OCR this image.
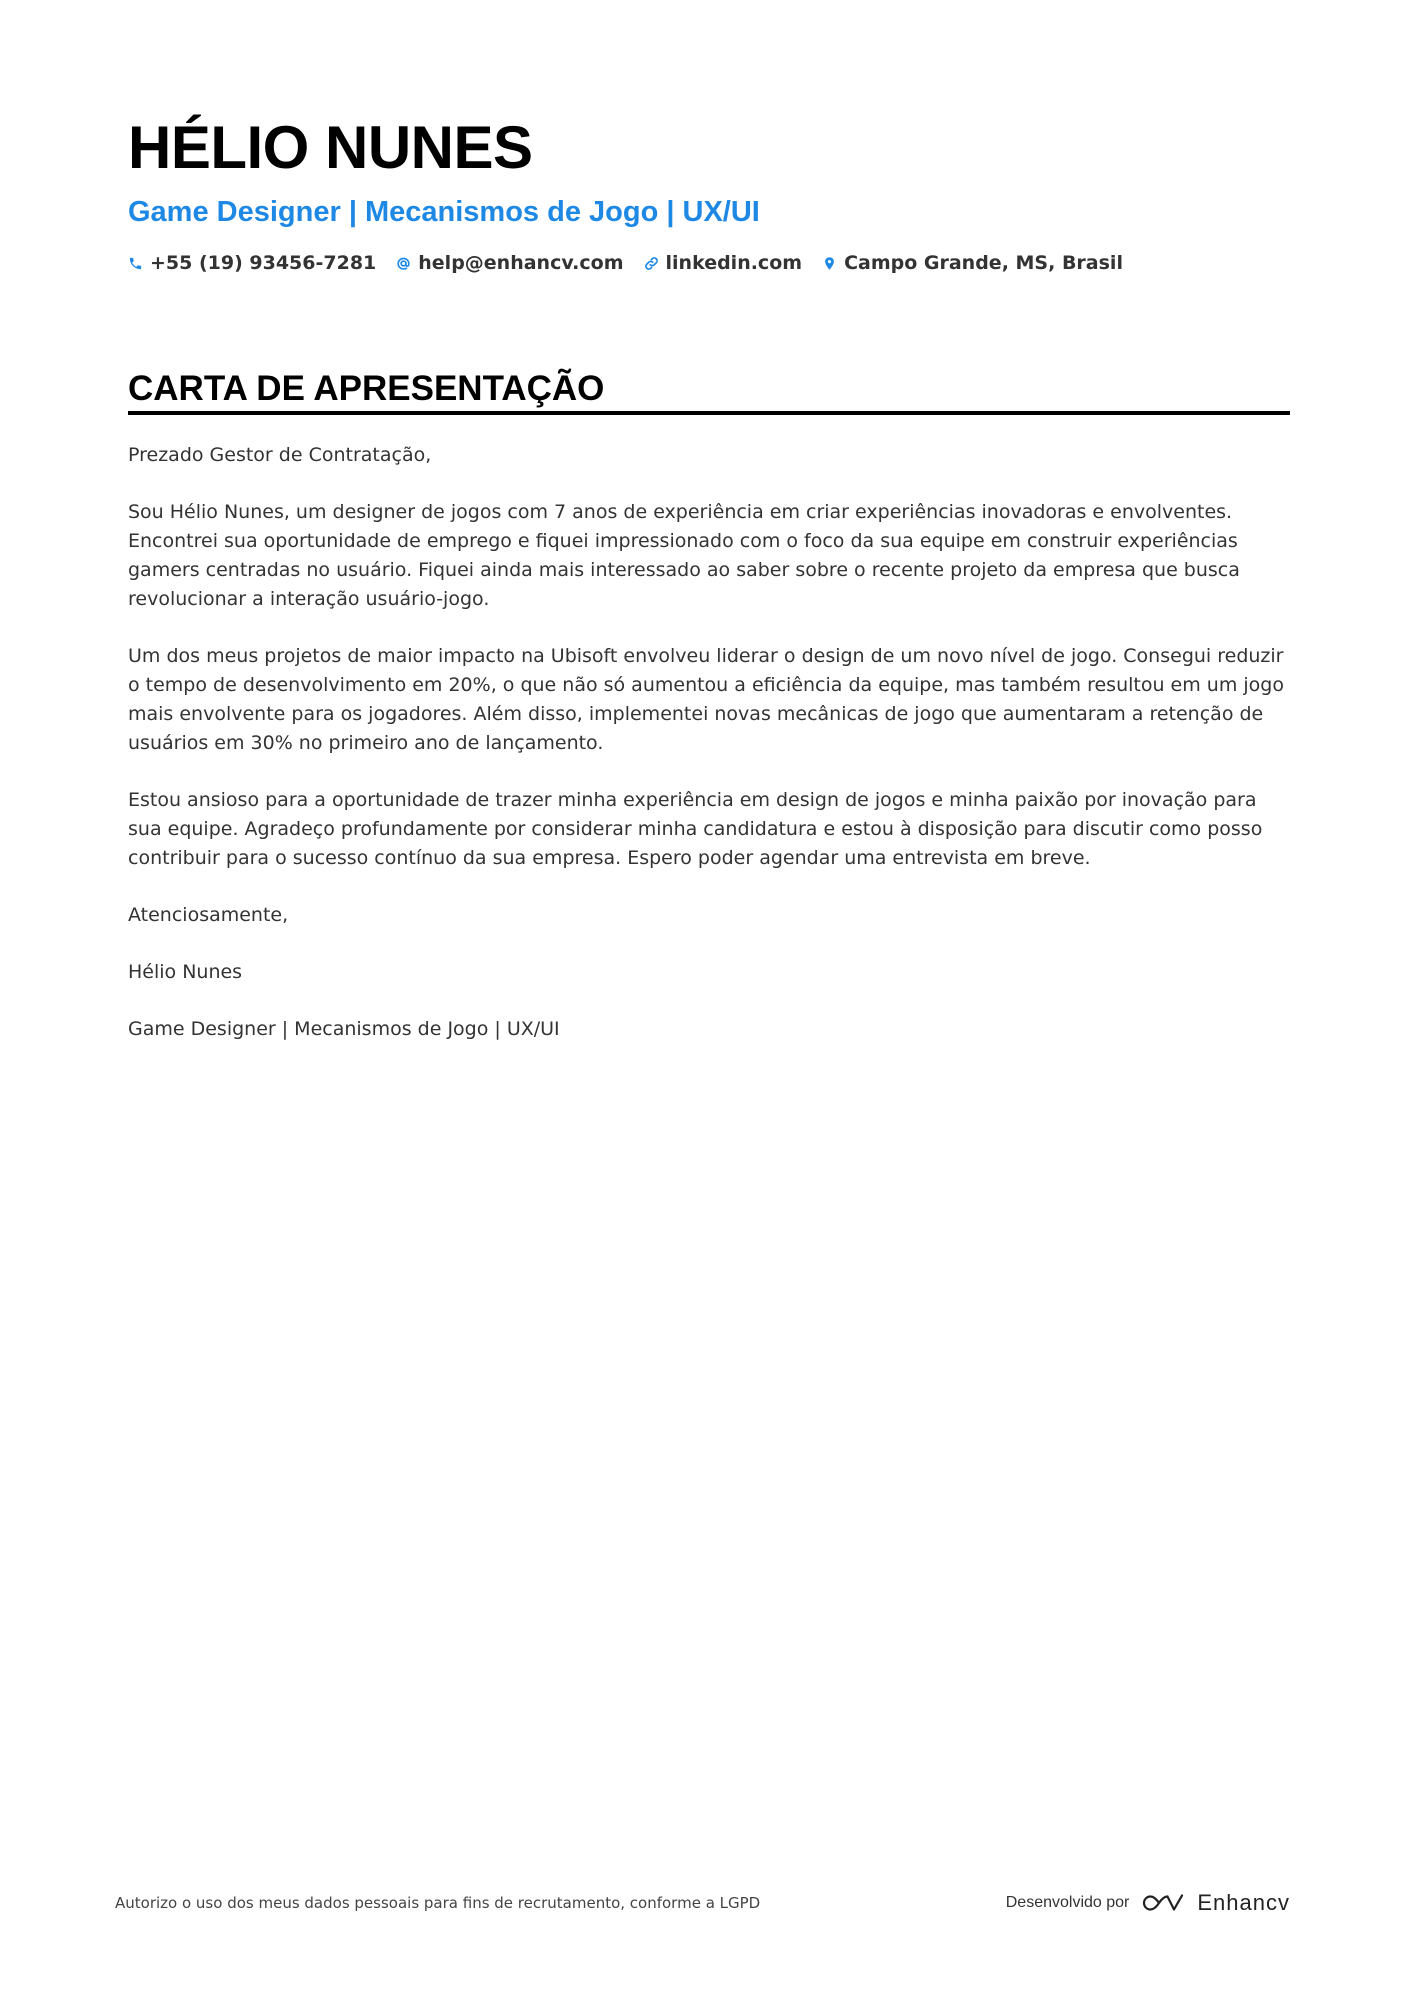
HÉLIO NUNES
Game Designer | Mecanismos de Jogo | UX/UI
+55 (19) 93456-7281 help@enhancv.com linkedin.com Campo Grande, MS, Brasil
CARTA DE APRESENTAÇÃO

Prezado Gestor de Contratação,

Sou Hélio Nunes, um designer de jogos com 7 anos de experiência em criar experiências inovadoras e envolventes. Encontrei sua oportunidade de emprego e fiquei impressionado com o foco da sua equipe em construir experiências gamers centradas no usuário. Fiquei ainda mais interessado ao saber sobre o recente projeto da empresa que busca revolucionar a interação usuário-jogo.

Um dos meus projetos de maior impacto na Ubisoft envolveu liderar o design de um novo nível de jogo. Consegui reduzir o tempo de desenvolvimento em 20%, o que não só aumentou a eficiência da equipe, mas também resultou em um jogo mais envolvente para os jogadores. Além disso, implementei novas mecânicas de jogo que aumentaram a retenção de usuários em 30% no primeiro ano de lançamento.

Estou ansioso para a oportunidade de trazer minha experiência em design de jogos e minha paixão por inovação para sua equipe. Agradeço profundamente por considerar minha candidatura e estou à disposição para discutir como posso contribuir para o sucesso contínuo da sua empresa. Espero poder agendar uma entrevista em breve.

Atenciosamente,

Hélio Nunes

Game Designer | Mecanismos de Jogo | UX/UI

Autorizo o uso dos meus dados pessoais para fins de recrutamento, conforme a LGPD	Desenvolvido por	Enhancv
